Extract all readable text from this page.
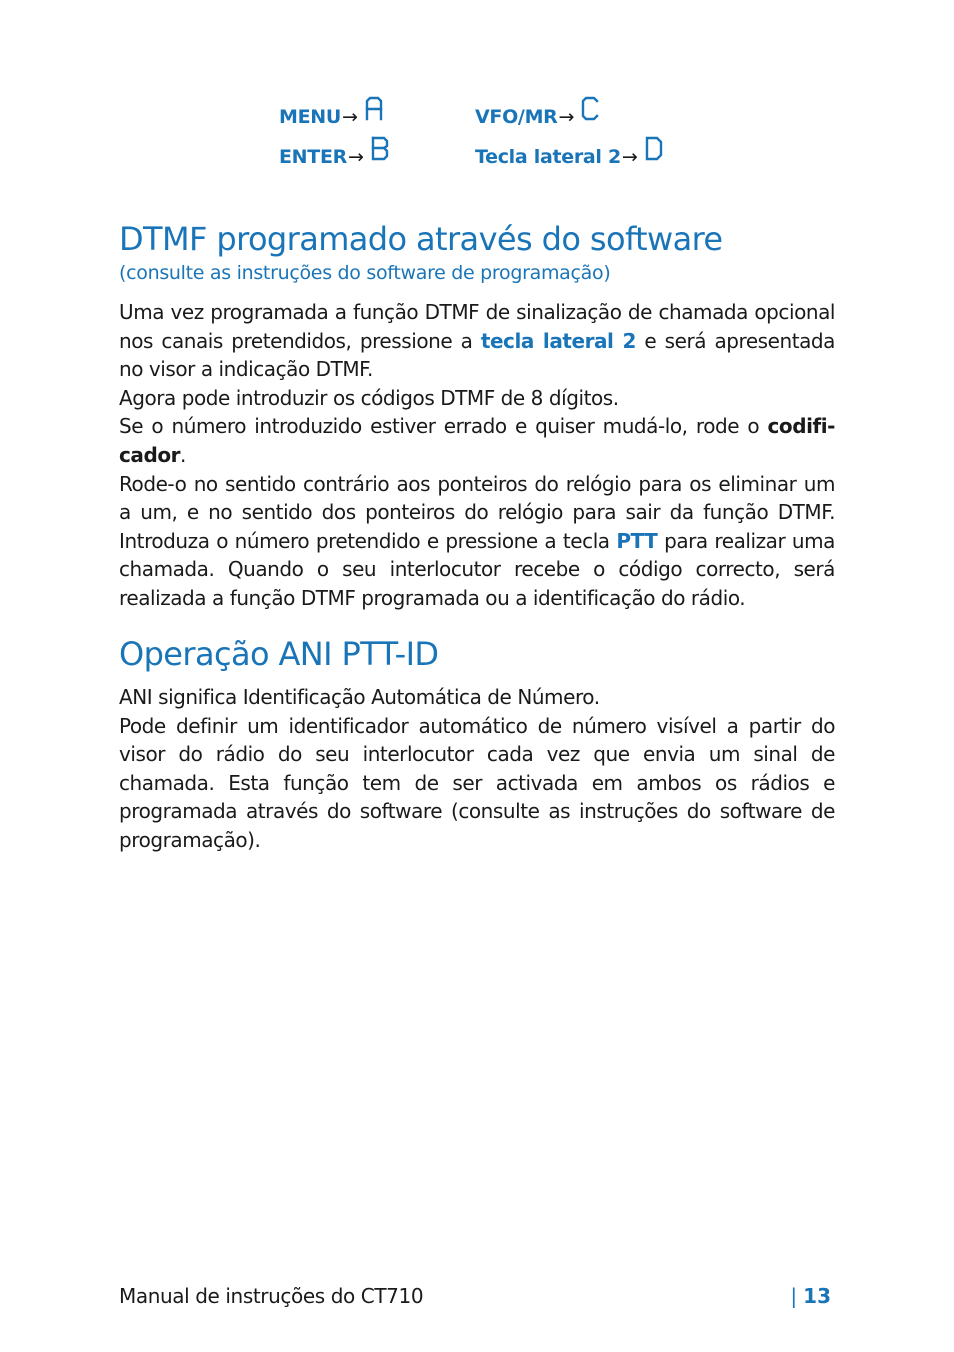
MENU →
ENTER →
VFO/MR →
Tecla lateral 2 →
DTMF programado através do software
(consulte as instruções do software de programação)

Uma vez programada a função DTMF de sinalização de chamada opcional nos canais pretendidos, pressione a tecla lateral 2 e será apresentada no visor a indicação DTMF.

Agora pode introduzir os códigos DTMF de 8 dígitos.

Se o número introduzido estiver errado e quiser mudá-lo, rode o codifi-cador.

Rode-o no sentido contrário aos ponteiros do relógio para os eliminar um a um, e no sentido dos ponteiros do relógio para sair da função DTMF. Introduza o número pretendido e pressione a tecla PTT para realizar uma chamada. Quando o seu interlocutor recebe o código correcto, será realizada a função DTMF programada ou a identificação do rádio.

Operação ANI PTT-ID

ANI significa Identificação Automática de Número.

Pode definir um identificador automático de número visível a partir do visor do rádio do seu interlocutor cada vez que envia um sinal de chamada. Esta função tem de ser activada em ambos os rádios e programada através do software (consulte as instruções do software de programação).

Manual de instruções do CT710	| 13
